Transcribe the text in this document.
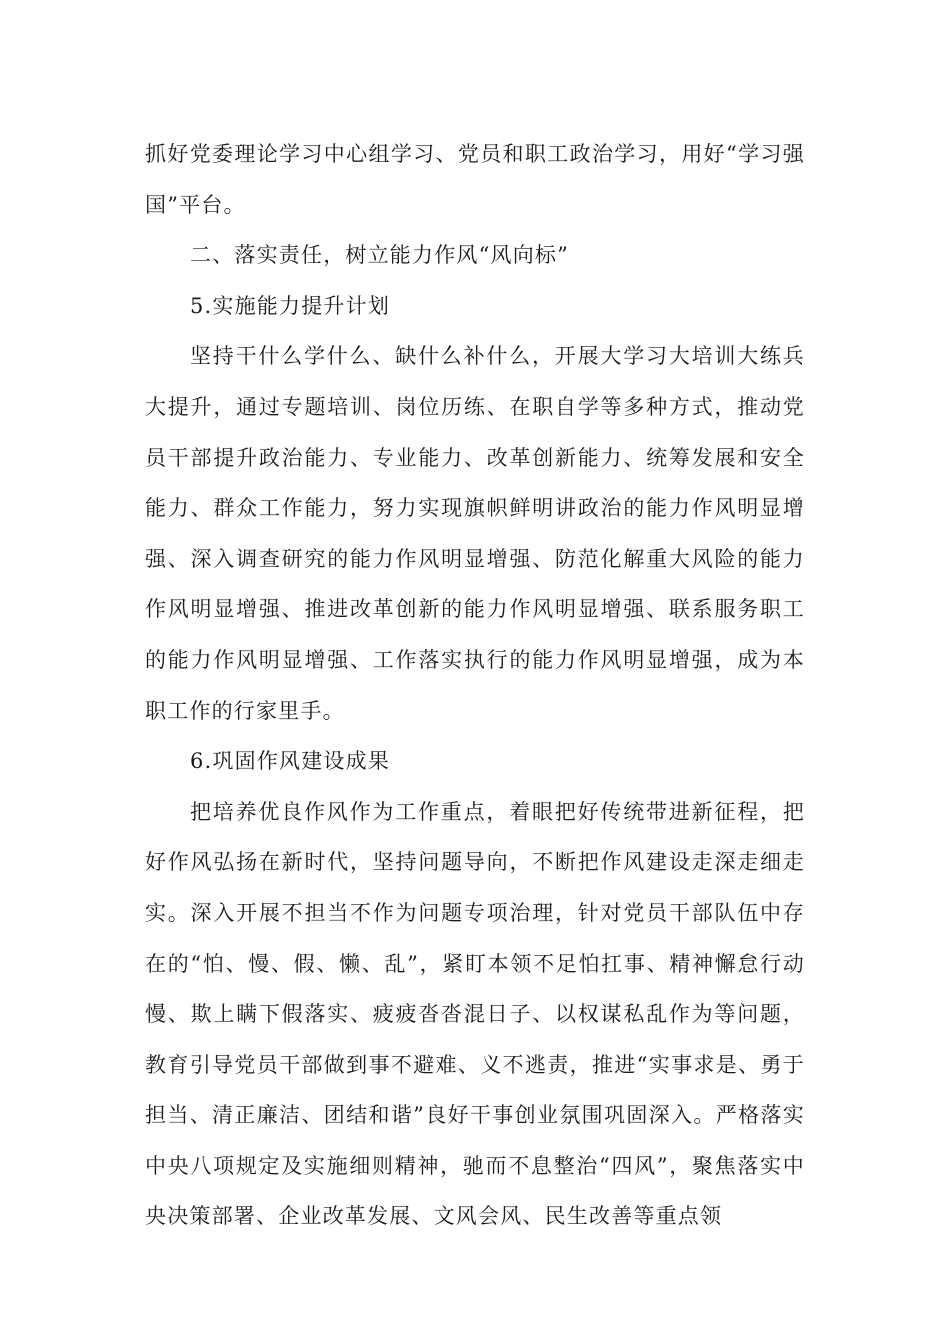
抓好党委理论学习中心组学习、党员和职工政治学习，用好“学习强国”平台。

二、落实责任，树立能力作风“风向标”

5.实施能力提升计划

坚持干什么学什么、缺什么补什么，开展大学习大培训大练兵大提升，通过专题培训、岗位历练、在职自学等多种方式，推动党员干部提升政治能力、专业能力、改革创新能力、统筹发展和安全能力、群众工作能力，努力实现旗帜鲜明讲政治的能力作风明显增强、深入调查研究的能力作风明显增强、防范化解重大风险的能力作风明显增强、推进改革创新的能力作风明显增强、联系服务职工的能力作风明显增强、工作落实执行的能力作风明显增强，成为本职工作的行家里手。

6.巩固作风建设成果

把培养优良作风作为工作重点，着眼把好传统带进新征程，把好作风弘扬在新时代，坚持问题导向，不断把作风建设走深走细走实。深入开展不担当不作为问题专项治理，针对党员干部队伍中存在的“怕、慢、假、懒、乱”，紧盯本领不足怕扛事、精神懈怠行动慢、欺上瞒下假落实、疲疲沓沓混日子、以权谋私乱作为等问题，教育引导党员干部做到事不避难、义不逃责，推进“实事求是、勇于担当、清正廉洁、团结和谐”良好干事创业氛围巩固深入。严格落实中央八项规定及实施细则精神，驰而不息整治“四风”，聚焦落实中央决策部署、企业改革发展、文风会风、民生改善等重点领
